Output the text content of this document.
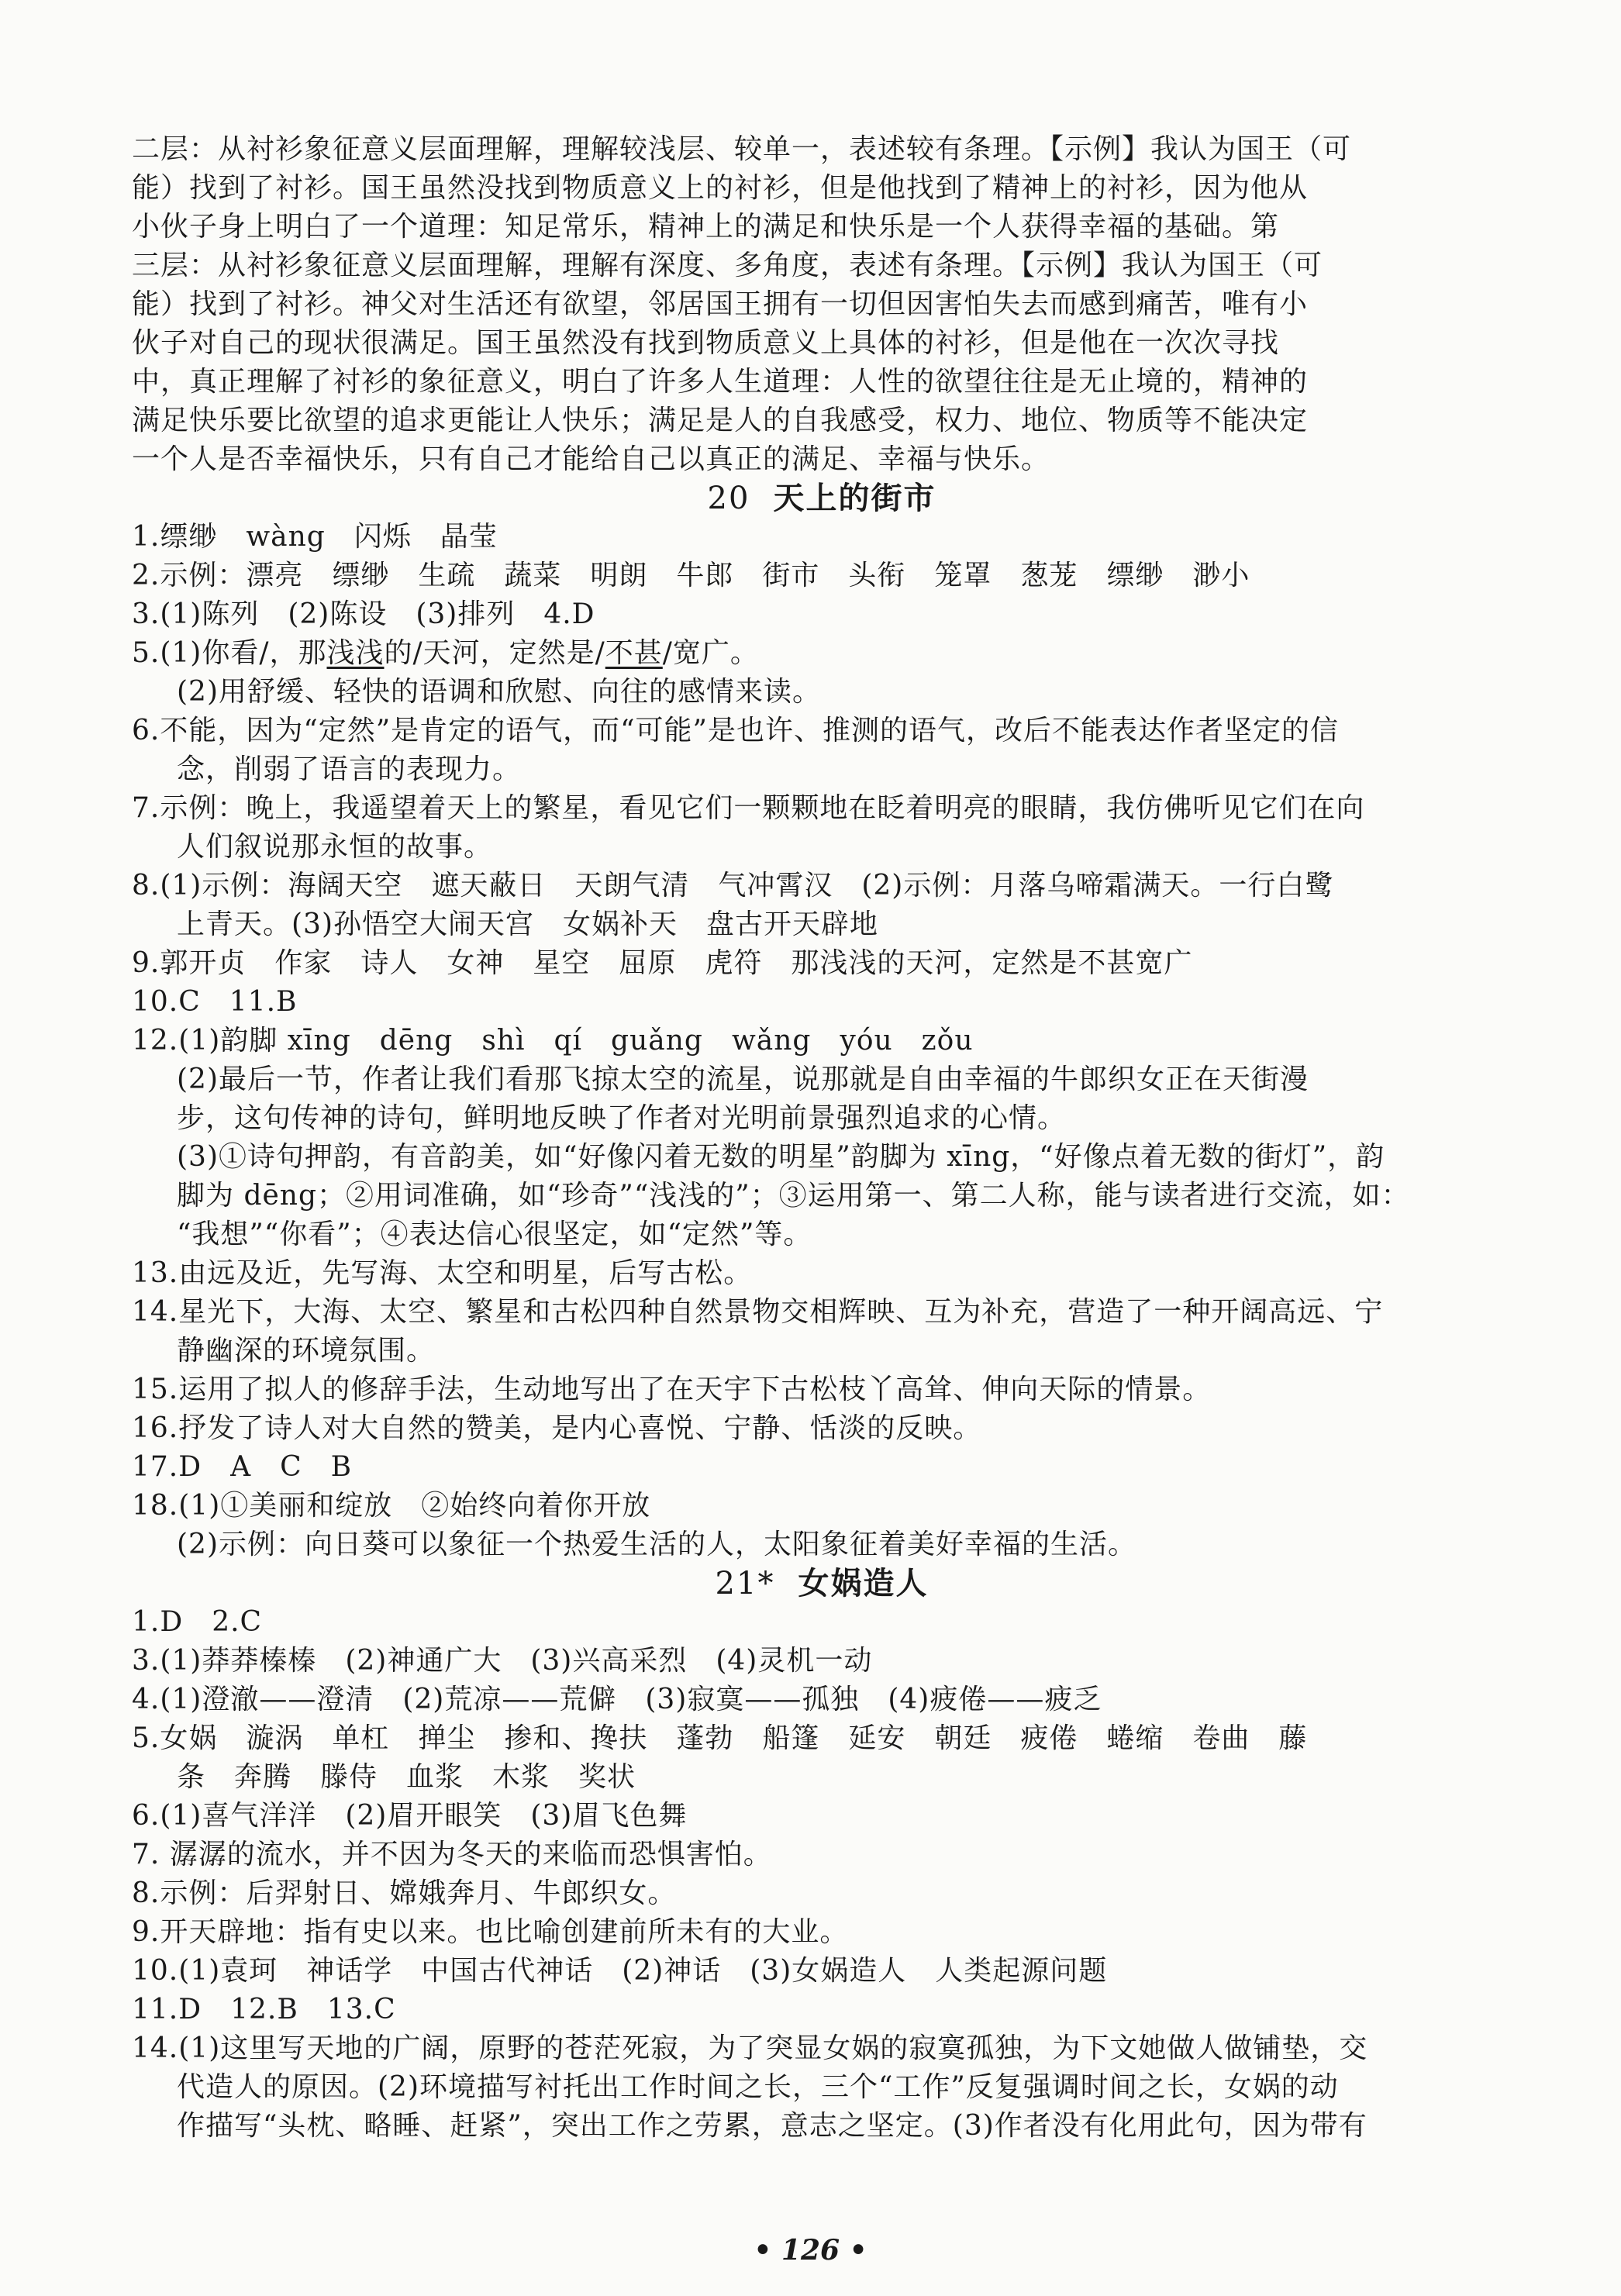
二层：从衬衫象征意义层面理解，理解较浅层、较单一，表述较有条理。【示例】我认为国王（可

能）找到了衬衫。国王虽然没找到物质意义上的衬衫，但是他找到了精神上的衬衫，因为他从

小伙子身上明白了一个道理：知足常乐，精神上的满足和快乐是一个人获得幸福的基础。第

三层：从衬衫象征意义层面理解，理解有深度、多角度，表述有条理。【示例】我认为国王（可

能）找到了衬衫。神父对生活还有欲望，邻居国王拥有一切但因害怕失去而感到痛苦，唯有小

伙子对自己的现状很满足。国王虽然没有找到物质意义上具体的衬衫，但是他在一次次寻找

中，真正理解了衬衫的象征意义，明白了许多人生道理：人性的欲望往往是无止境的，精神的

满足快乐要比欲望的追求更能让人快乐；满足是人的自我感受，权力、地位、物质等不能决定

一个人是否幸福快乐，只有自己才能给自己以真正的满足、幸福与快乐。

20 天上的街市

1.缥缈　wàng　闪烁　晶莹

2.示例：漂亮　缥缈　生疏　蔬菜　明朗　牛郎　街市　头衔　笼罩　葱茏　缥缈　渺小

3.(1)陈列　(2)陈设　(3)排列　4.D

5.(1)你看/，那浅浅的/天河，定然是/不甚/宽广。

(2)用舒缓、轻快的语调和欣慰、向往的感情来读。

6.不能，因为“定然”是肯定的语气，而“可能”是也许、推测的语气，改后不能表达作者坚定的信

念，削弱了语言的表现力。

7.示例：晚上，我遥望着天上的繁星，看见它们一颗颗地在眨着明亮的眼睛，我仿佛听见它们在向

人们叙说那永恒的故事。

8.(1)示例：海阔天空　遮天蔽日　天朗气清　气冲霄汉　(2)示例：月落乌啼霜满天。一行白鹭

上青天。(3)孙悟空大闹天宫　女娲补天　盘古开天辟地

9.郭开贞　作家　诗人　女神　星空　屈原　虎符　那浅浅的天河，定然是不甚宽广

10.C　11.B

12.(1)韵脚 xīng　dēng　shì　qí　guǎng　wǎng　yóu　zǒu

(2)最后一节，作者让我们看那飞掠太空的流星，说那就是自由幸福的牛郎织女正在天街漫

步，这句传神的诗句，鲜明地反映了作者对光明前景强烈追求的心情。

(3)①诗句押韵，有音韵美，如“好像闪着无数的明星”韵脚为 xīng，“好像点着无数的街灯”，韵

脚为 dēng；②用词准确，如“珍奇”“浅浅的”；③运用第一、第二人称，能与读者进行交流，如：

“我想”“你看”；④表达信心很坚定，如“定然”等。

13.由远及近，先写海、太空和明星，后写古松。

14.星光下，大海、太空、繁星和古松四种自然景物交相辉映、互为补充，营造了一种开阔高远、宁

静幽深的环境氛围。

15.运用了拟人的修辞手法，生动地写出了在天宇下古松枝丫高耸、伸向天际的情景。

16.抒发了诗人对大自然的赞美，是内心喜悦、宁静、恬淡的反映。

17.D　A　C　B

18.(1)①美丽和绽放　②始终向着你开放

(2)示例：向日葵可以象征一个热爱生活的人，太阳象征着美好幸福的生活。

21* 女娲造人

1.D　2.C

3.(1)莽莽榛榛　(2)神通广大　(3)兴高采烈　(4)灵机一动

4.(1)澄澈——澄清　(2)荒凉——荒僻　(3)寂寞——孤独　(4)疲倦——疲乏

5.女娲　漩涡　单杠　掸尘　掺和、搀扶　蓬勃　船篷　延安　朝廷　疲倦　蜷缩　卷曲　藤

条　奔腾　滕侍　血浆　木浆　奖状

6.(1)喜气洋洋　(2)眉开眼笑　(3)眉飞色舞

7. 潺潺的流水，并不因为冬天的来临而恐惧害怕。

8.示例：后羿射日、嫦娥奔月、牛郎织女。

9.开天辟地：指有史以来。也比喻创建前所未有的大业。

10.(1)袁珂　神话学　中国古代神话　(2)神话　(3)女娲造人　人类起源问题

11.D　12.B　13.C

14.(1)这里写天地的广阔，原野的苍茫死寂，为了突显女娲的寂寞孤独，为下文她做人做铺垫，交

代造人的原因。(2)环境描写衬托出工作时间之长，三个“工作”反复强调时间之长，女娲的动

作描写“头枕、略睡、赶紧”，突出工作之劳累，意志之坚定。(3)作者没有化用此句，因为带有

• 126 •
